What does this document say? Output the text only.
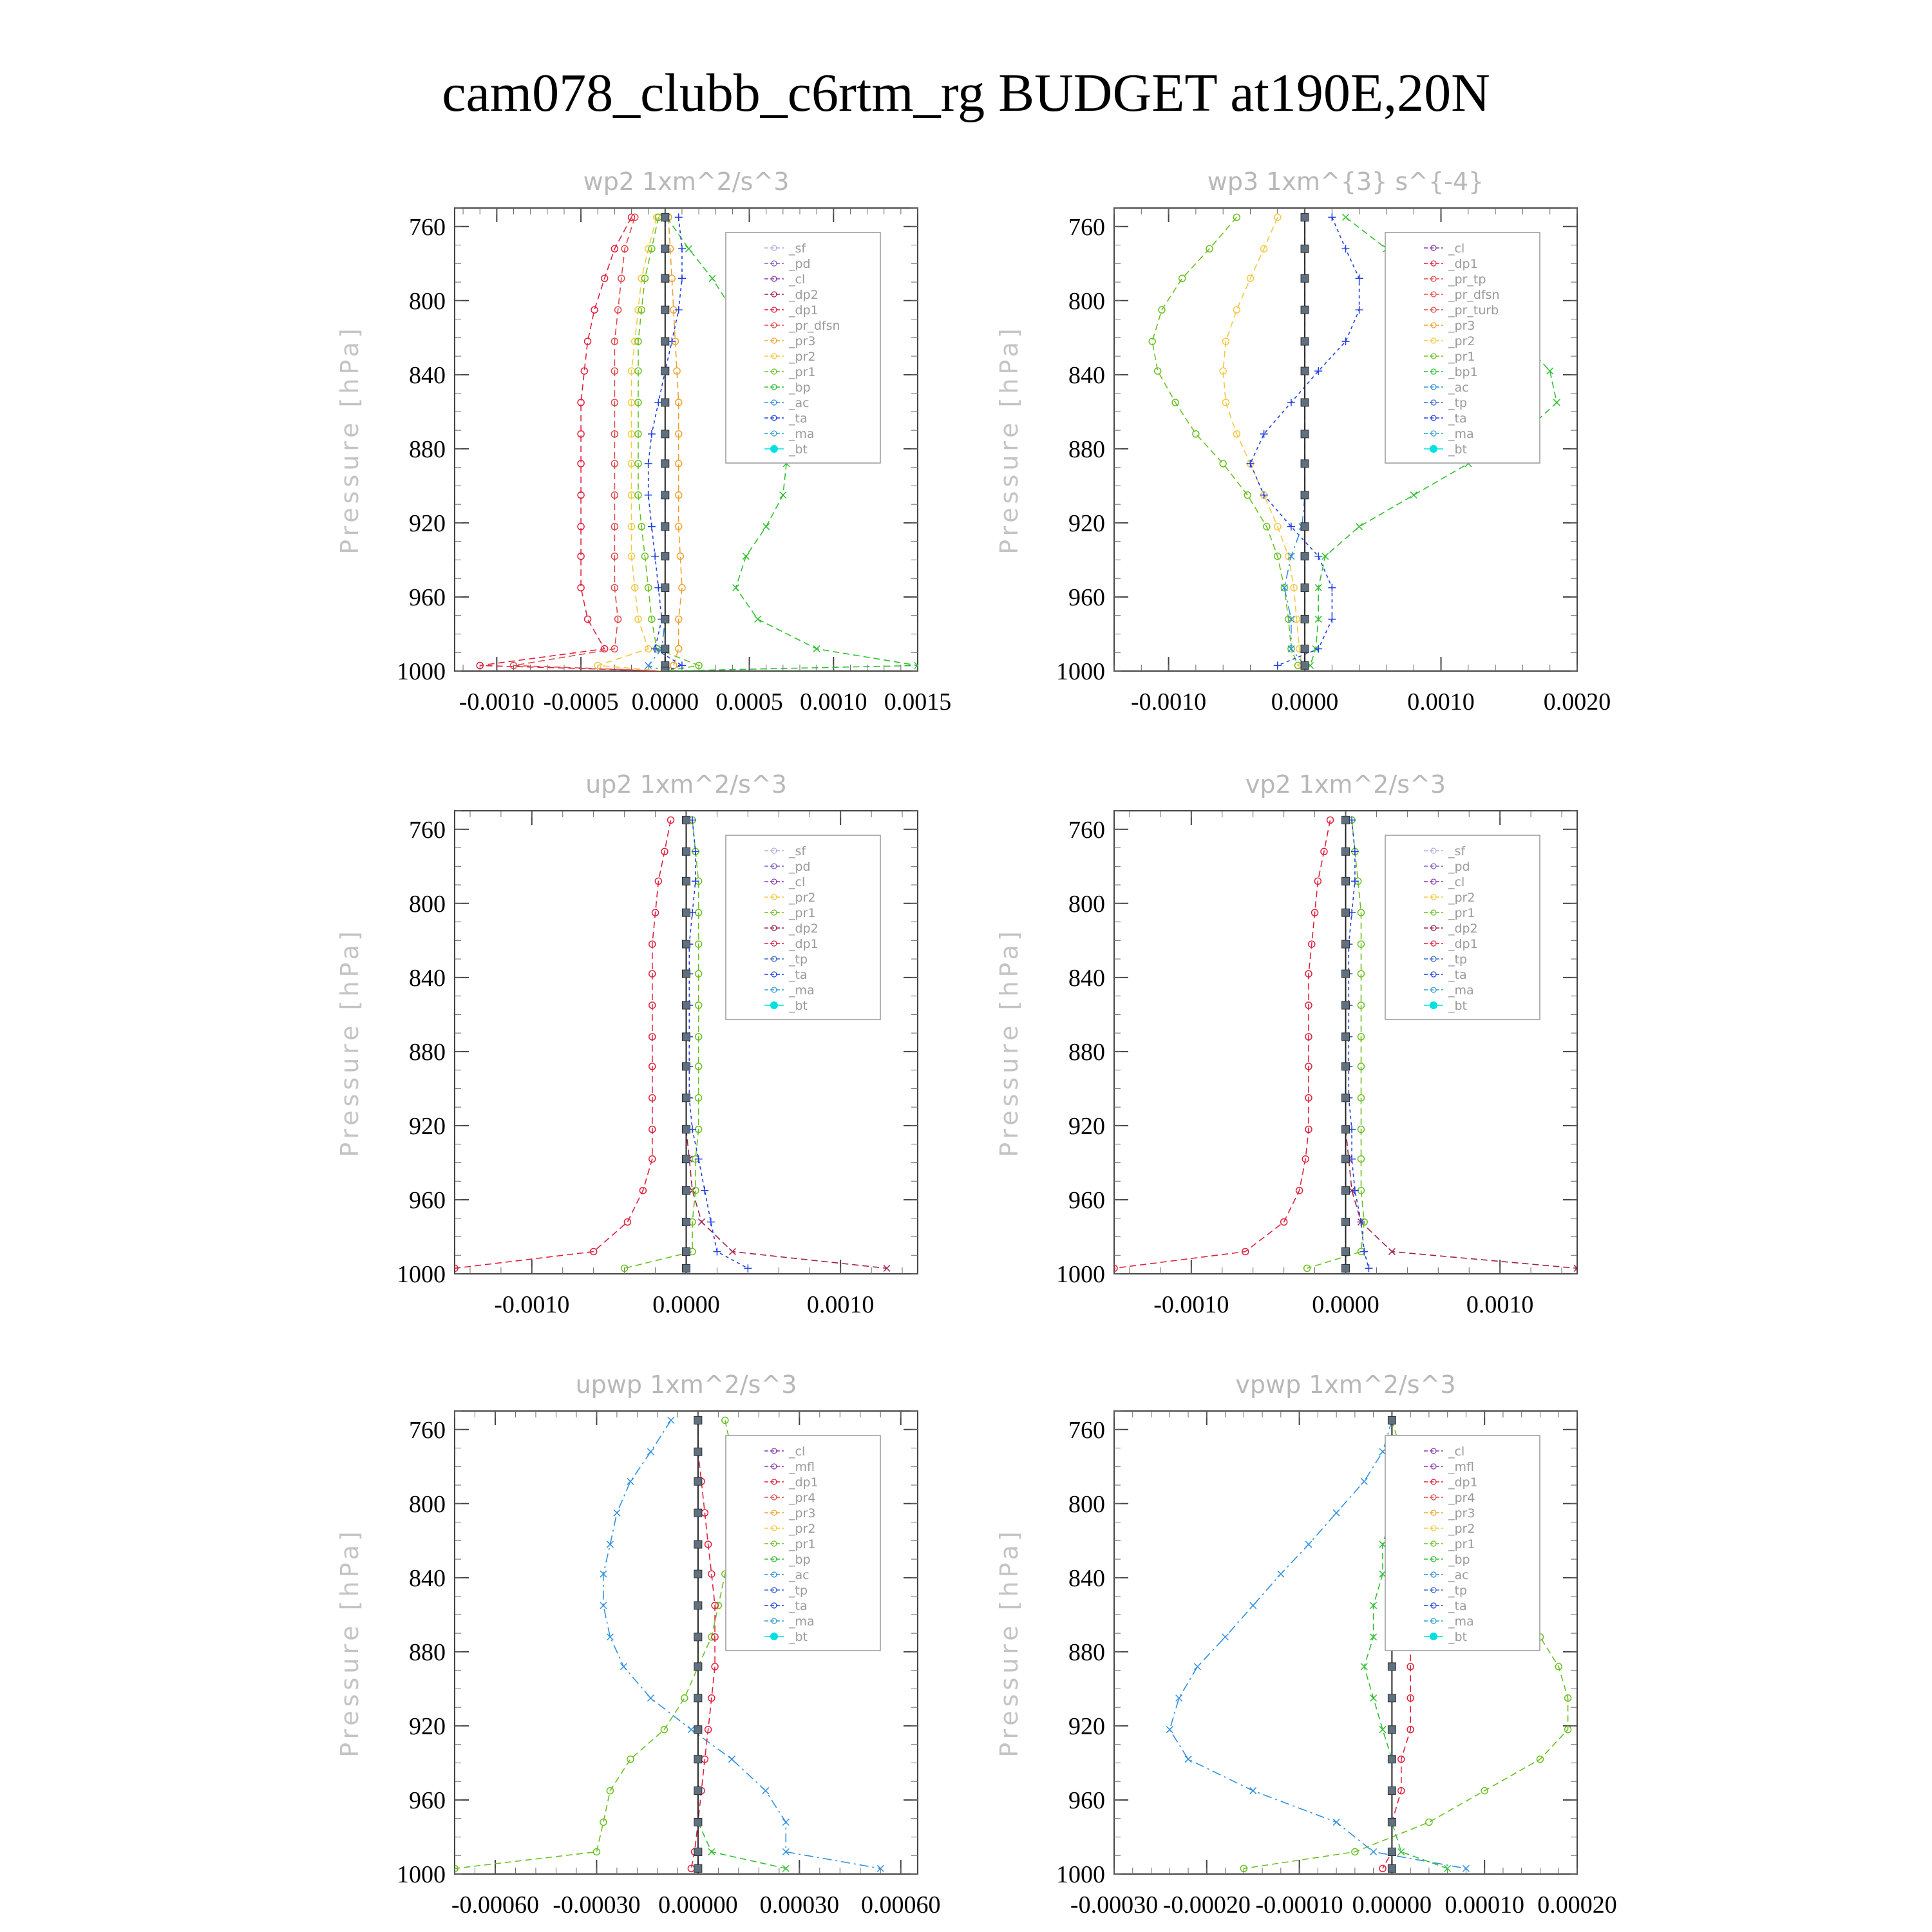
cam078_clubb_c6rtm_rg BUDGET at190E,20N
wp2 1xm^2/s^3
760
800
840
880
920
960
1000
-0.0010 -0.0005 0.0000 0.0005 0.0010 0.0015
Pressure [hPa]
_sf
_pd
_cl
_dp2
_dp1
_pr_dfsn
_pr3
_pr2
_pr1
_bp
_ac
_ta
_ma
_bt
wp3 1xm^{3} s^{-4}
760
800
840
880
920
960
1000
-0.0010	0.0000	0.0010	0.0020
Pressure [hPa]
_cl
_dp1
_pr_tp
_pr_dfsn
_pr_turb
_pr3
_pr2
_pr1
_bp1
_ac
_tp
_ta
_ma
_bt
up2 1xm^2/s^3
760
800
840
880
920
960
1000
-0.0010	0.0000	0.0010
Pressure [hPa]
_sf
_pd
_cl
_pr2
_pr1
_dp2
_dp1
_tp
_ta
_ma
_bt
vp2 1xm^2/s^3
760
800
840
880
920
960
1000
-0.0010	0.0000	0.0010
Pressure [hPa]
_sf
_pd
_cl
_pr2
_pr1
_dp2
_dp1
_tp
_ta
_ma
_bt
upwp 1xm^2/s^3
760
800
840
880
920
960
1000
-0.00060 -0.00030 0.00000 0.00030 0.00060
Pressure [hPa]
_cl
_mfl
_dp1
_pr4
_pr3
_pr2
_pr1
_bp
_ac
_tp
_ta
_ma
_bt
vpwp 1xm^2/s^3
760
800
840
880
920
960
1000
-0.00030 -0.00020 -0.00010 0.00000 0.00010 0.00020
Pressure [hPa]
_cl
_mfl
_dp1
_pr4
_pr3
_pr2
_pr1
_bp
_ac
_tp
_ta
_ma
_bt
